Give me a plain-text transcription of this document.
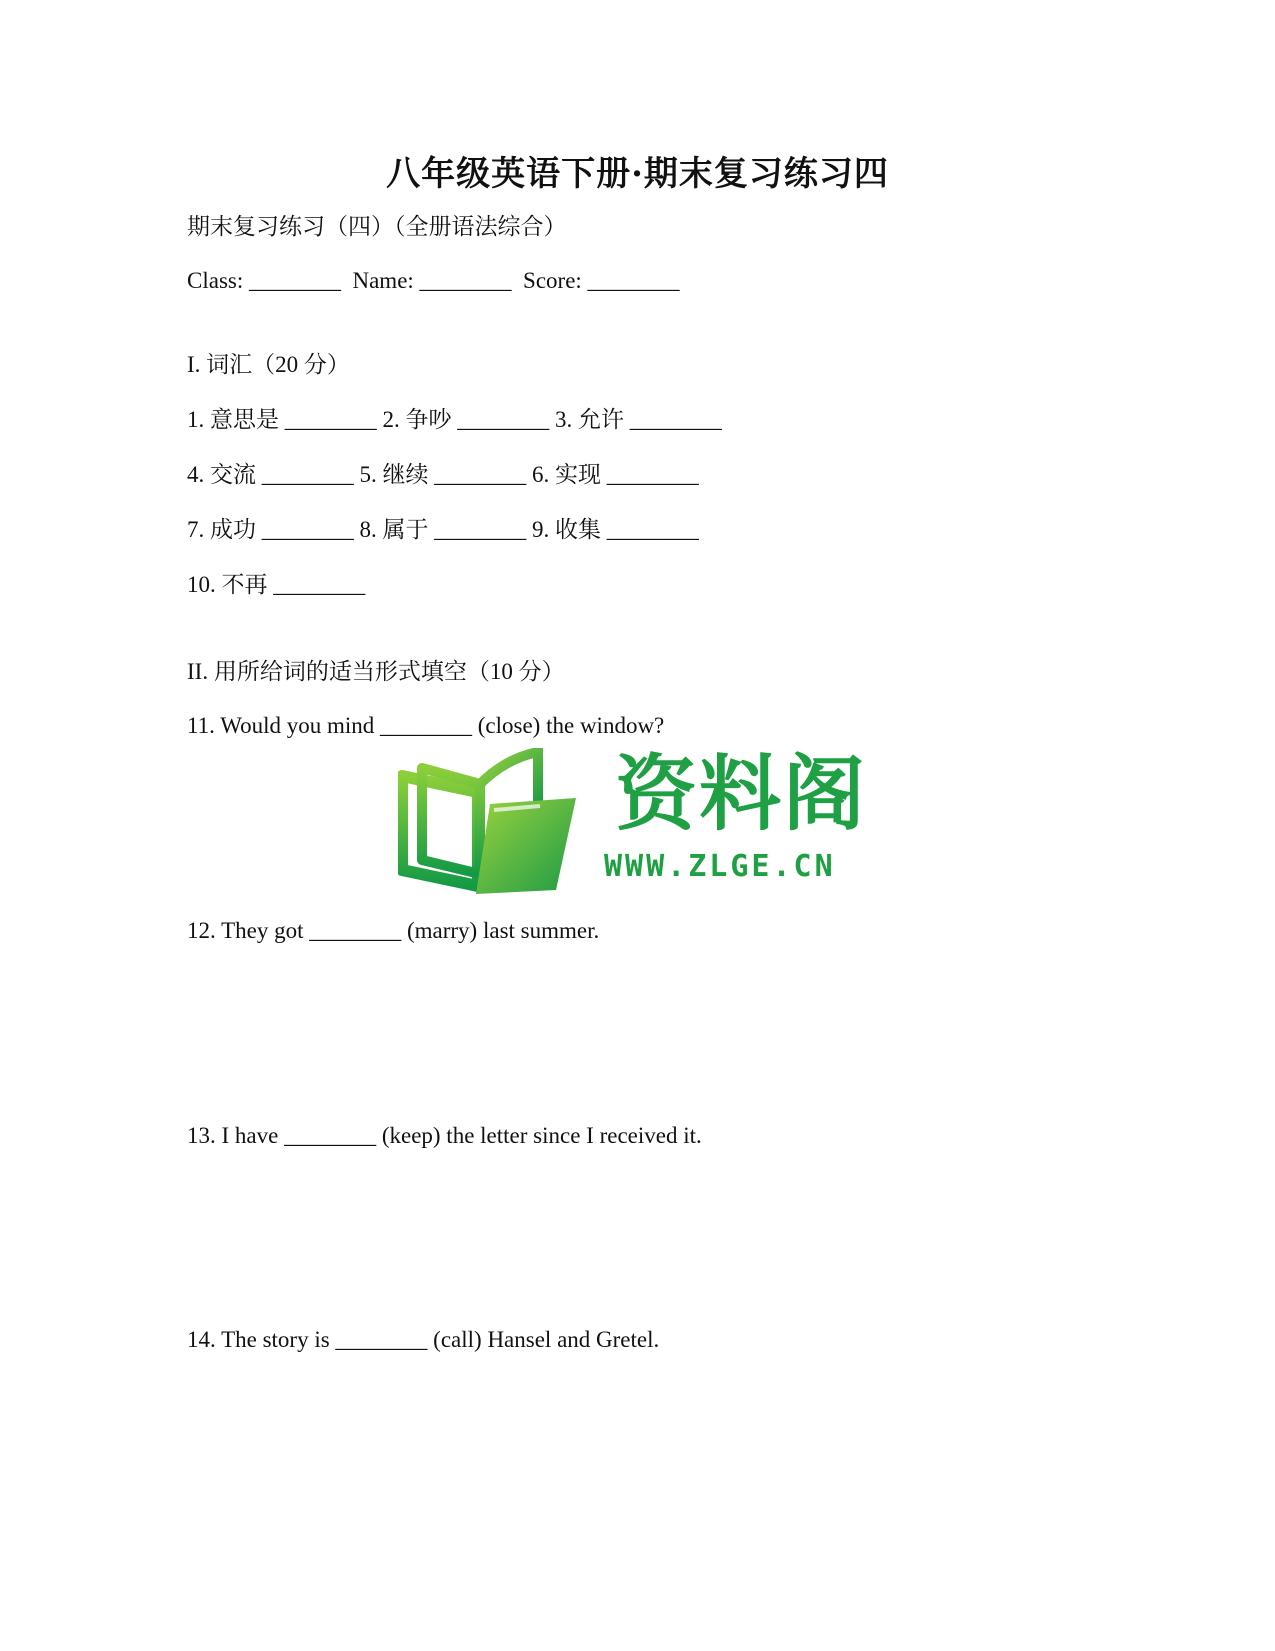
八年级英语下册·期末复习练习四

期末复习练习（四）（全册语法综合）

Class: ________  Name: ________  Score: ________

I. 词汇（20 分）

1. 意思是 ________ 2. 争吵 ________ 3. 允许 ________

4. 交流 ________ 5. 继续 ________ 6. 实现 ________

7. 成功 ________ 8. 属于 ________ 9. 收集 ________

10. 不再 ________

II. 用所给词的适当形式填空（10 分）

11. Would you mind ________ (close) the window?

12. They got ________ (marry) last summer.

13. I have ________ (keep) the letter since I received it.

14. The story is ________ (call) Hansel and Gretel.

资料阁
WWW.ZLGE.CN
